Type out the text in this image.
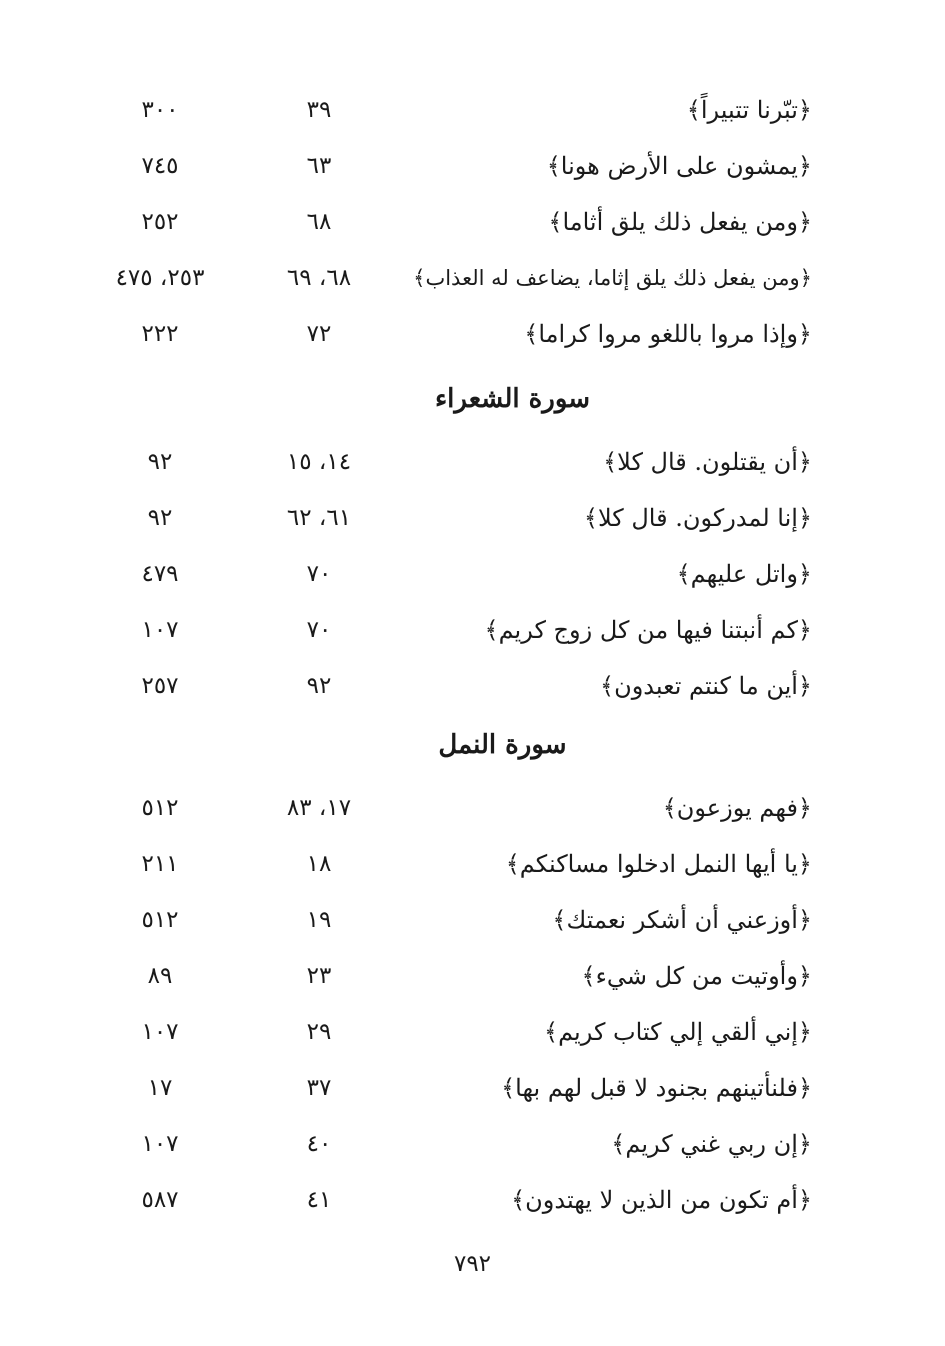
﴿تبّرنا تتبيراً﴾
٣٩
٣٠٠
﴿يمشون على الأرض هونا﴾
٦٣
٧٤٥
﴿ومن يفعل ذلك يلق أثاما﴾
٦٨
٢٥٢
﴿ومن يفعل ذلك يلق إثاما، يضاعف له العذاب﴾
٦٨، ٦٩
٢٥٣، ٤٧٥
﴿وإذا مروا باللغو مروا كراما﴾
٧٢
٢٢٢
سورة الشعراء
﴿أن يقتلون. قال كلا﴾
١٤، ١٥
٩٢
﴿إنا لمدركون. قال كلا﴾
٦١، ٦٢
٩٢
﴿واتل عليهم﴾
٧٠
٤٧٩
﴿كم أنبتنا فيها من كل زوج كريم﴾
٧٠
١٠٧
﴿أين ما كنتم تعبدون﴾
٩٢
٢٥٧
سورة النمل
﴿فهم يوزعون﴾
١٧، ٨٣
٥١٢
﴿يا أيها النمل ادخلوا مساكنكم﴾
١٨
٢١١
﴿أوزعني أن أشكر نعمتك﴾
١٩
٥١٢
﴿وأوتيت من كل شيء﴾
٢٣
٨٩
﴿إني ألقي إلي كتاب كريم﴾
٢٩
١٠٧
﴿فلنأتينهم بجنود لا قبل لهم بها﴾
٣٧
١٧
﴿إن ربي غني كريم﴾
٤٠
١٠٧
﴿أم تكون من الذين لا يهتدون﴾
٤١
٥٨٧
٧٩٢
